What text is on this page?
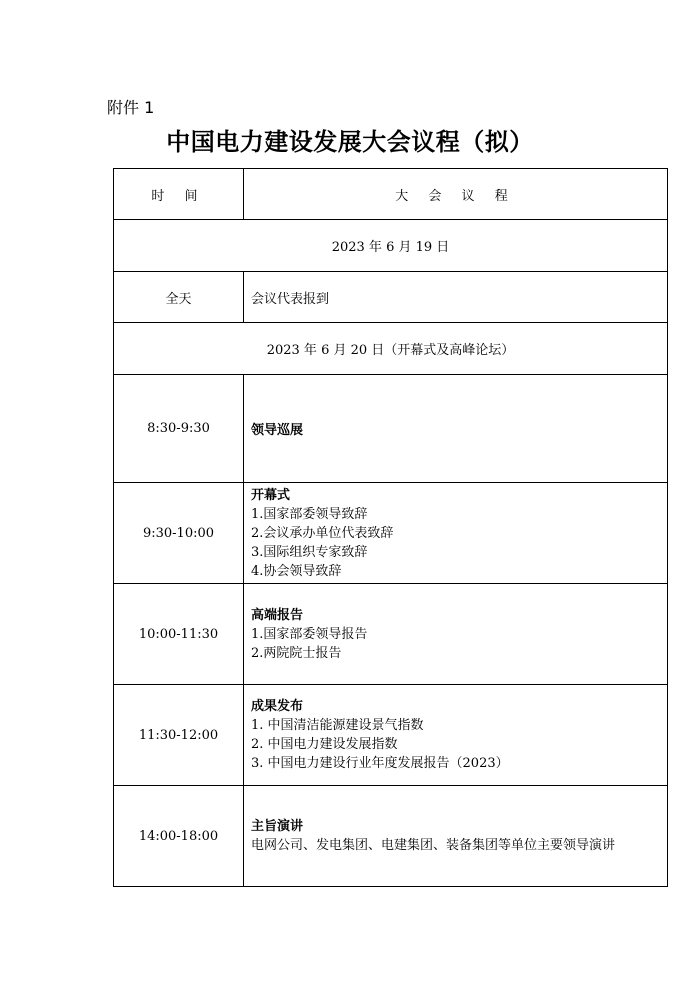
附件 1
中国电力建设发展大会议程（拟）
时 间	大 会 议 程
2023 年 6 月 19 日	
全天	会议代表报到
2023 年 6 月 20 日（开幕式及高峰论坛）	
8:30-9:30	领导巡展
9:30-10:00	开幕式
1.国家部委领导致辞
2.会议承办单位代表致辞
3.国际组织专家致辞
4.协会领导致辞

10:00-11:30	高端报告
1.国家部委领导报告
2.两院院士报告

11:30-12:00	成果发布
1. 中国清洁能源建设景气指数
2. 中国电力建设发展指数
3. 中国电力建设行业年度发展报告（2023）

14:00-18:00	主旨演讲
电网公司、发电集团、电建集团、装备集团等单位主要领导演讲
